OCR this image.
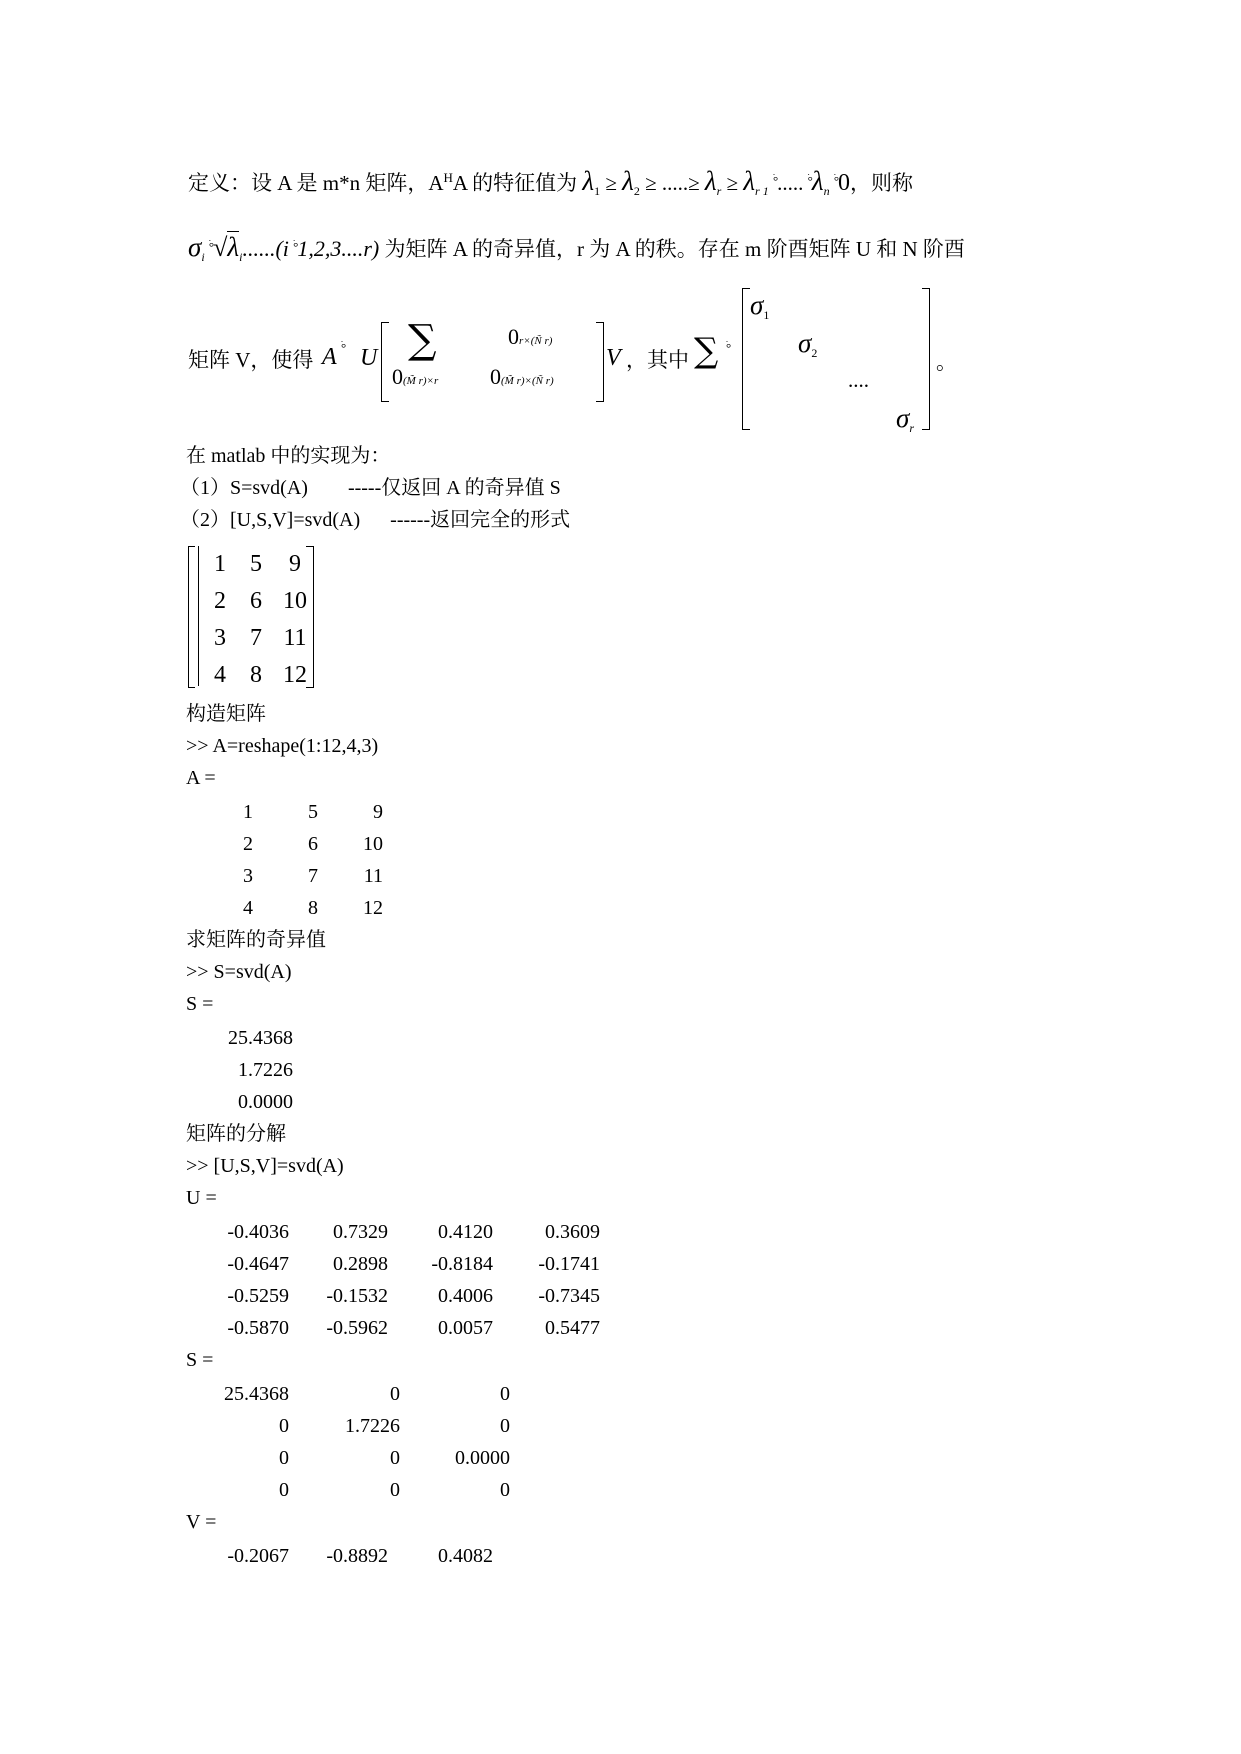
定义：设 A 是 m*n 矩阵，$A^HA$ 的特征值为 $\lambda_1 \ge \lambda_2$ ≥ .....≥ $\lambda_r \ge \lambda_{r 1}$ ׄ°..... $^{ׄ^\circ}\lambda_n$ ׄ°0，则称
$\sigma_i$ $^{ׄ^\circ}√\lambda_i......(i$ ׄ°1,2,3....r) 为矩阵 A 的奇异值，r 为 A 的秩。存在 m 阶酉矩阵 U 和 N 阶酉
矩阵 V，使得 A ׄ° U ∑	0r×(Ñ r)
0(M̃ r)×r 0(M̃ r)×(Ñ r)
V ，其中 ∑ ׄ°
$\sigma_1$
$\sigma_2$
....
$\sigma_r$
。
在 matlab 中的实现为：
（1）S=svd(A)        -----仅返回 A 的奇异值 S
（2）[U,S,V]=svd(A)      ------返回完全的形式
1	5	9
2	6 10
3	7 11
4	8 12
构造矩阵
>> A=reshape(1:12,4,3)
A =
1	5	9
2	6	10
3	7	11
4	8	12
求矩阵的奇异值
>> S=svd(A)
S =
25.4368
1.7226
0.0000
矩阵的分解
>> [U,S,V]=svd(A)
U =
-0.4036	0.7329	0.4120	0.3609
-0.4647	0.2898	-0.8184	-0.1741
-0.5259	-0.1532	0.4006	-0.7345
-0.5870	-0.5962	0.0057	0.5477
S =
25.4368	0	0
0	1.7226	0
0	0	0.0000
0	0	0
V =
-0.2067	-0.8892	0.4082
